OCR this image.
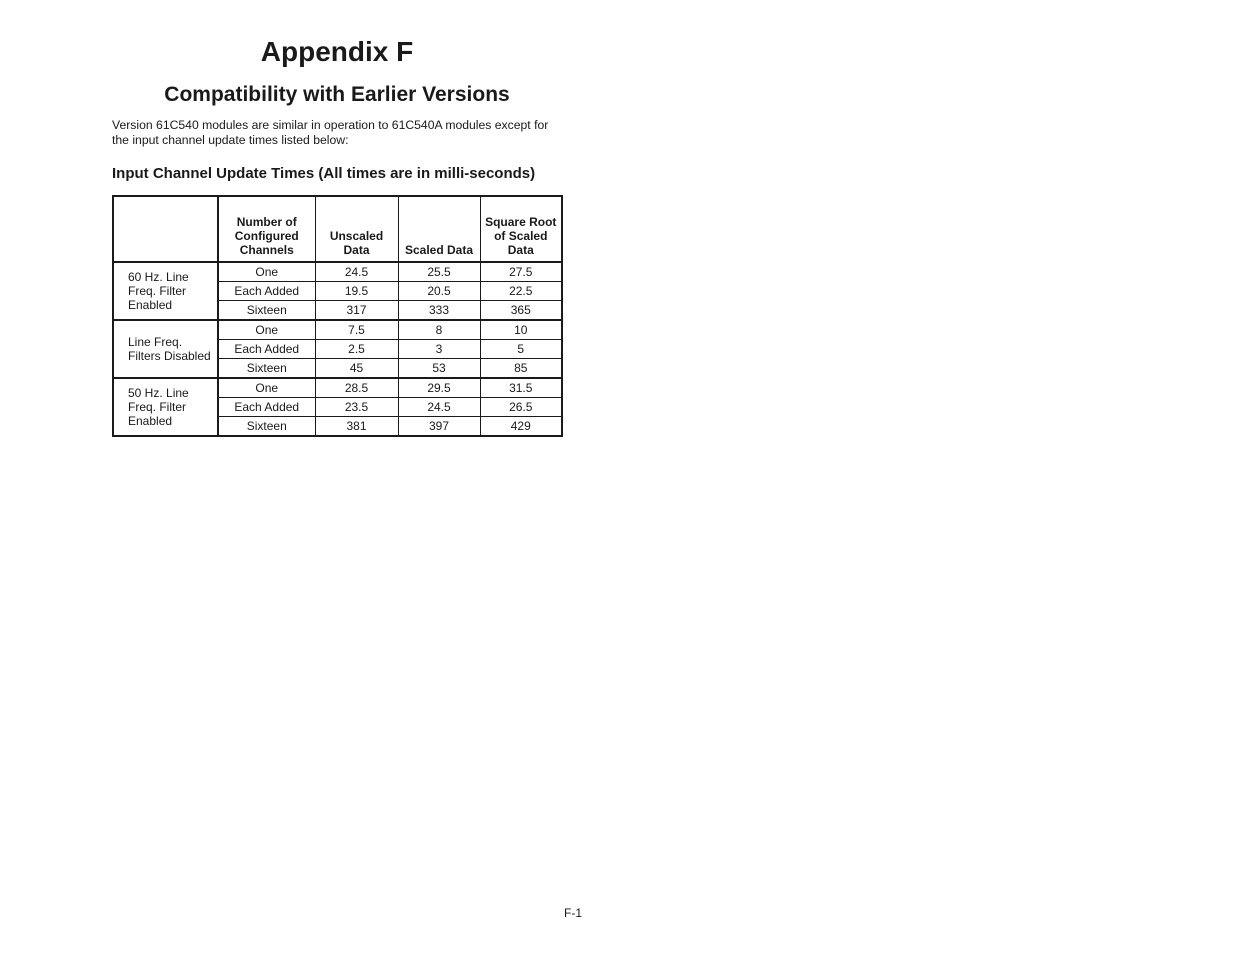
Appendix F
Compatibility with Earlier Versions

Version 61C540 modules are similar in operation to 61C540A modules except for the input channel update times listed below:

Input Channel Update Times (All times are in milli-seconds)
	Number of Configured Channels	Unscaled Data	Scaled Data	Square Root of Scaled Data
60 Hz. Line Freq. Filter Enabled	One	24.5	25.5	27.5
	Each Added	19.5	20.5	22.5
	Sixteen	317	333	365
Line Freq. Filters Disabled	One	7.5	8	10
	Each Added	2.5	3	5
	Sixteen	45	53	85
50 Hz. Line Freq. Filter Enabled	One	28.5	29.5	31.5
	Each Added	23.5	24.5	26.5
	Sixteen	381	397	429
F-1
